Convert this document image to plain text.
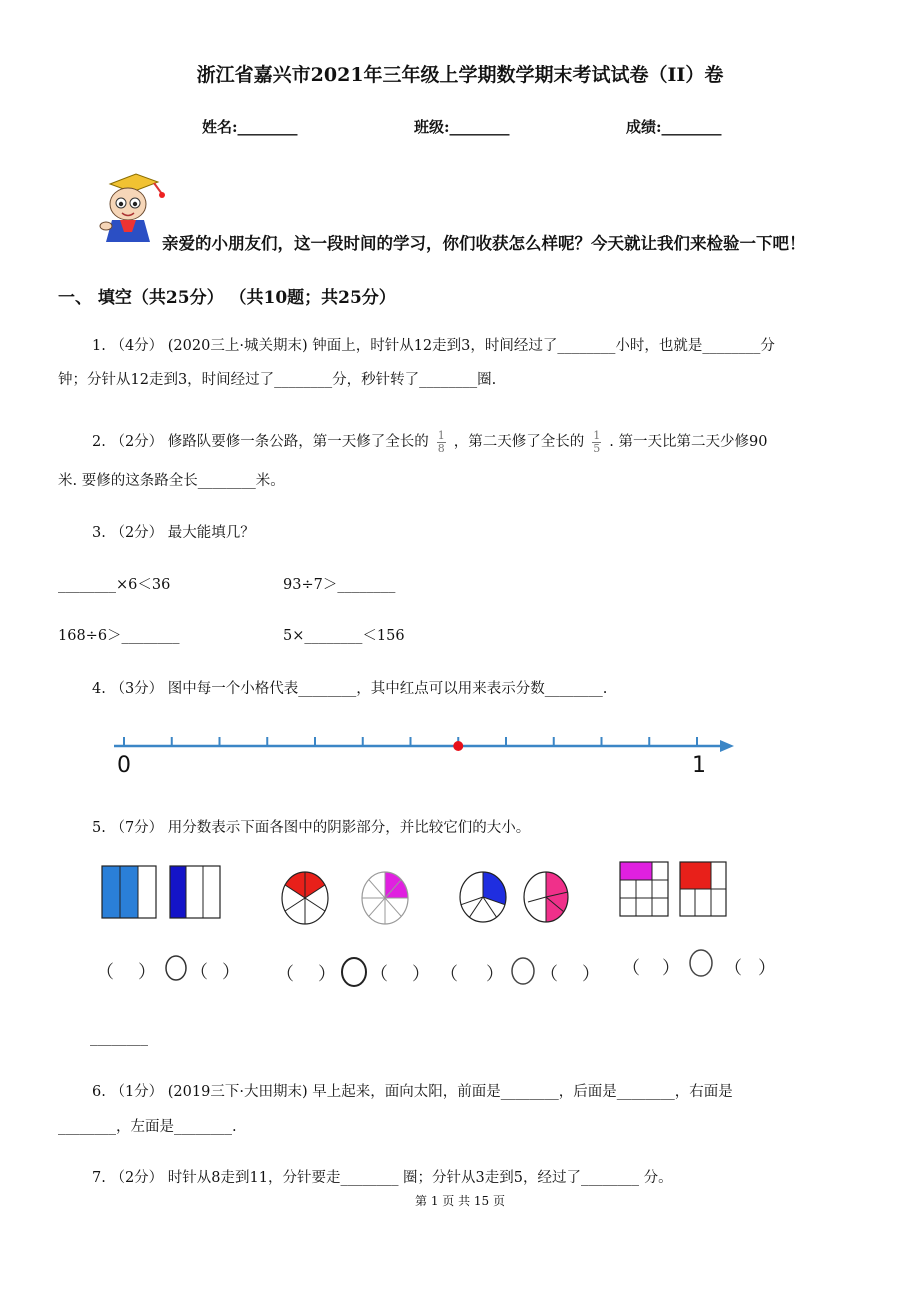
浙江省嘉兴市2021年三年级上学期数学期末考试试卷（II）卷
姓名:________	班级:________	成绩:________
亲爱的小朋友们，这一段时间的学习，你们收获怎么样呢？今天就让我们来检验一下吧！
一、 填空（共25分） （共10题；共25分）
1. （4分） (2020三上·城关期末) 钟面上，时针从12走到3，时间经过了________小时，也就是________分
钟；分针从12走到3，时间经过了________分，秒针转了________圈.
2. （2分） 修路队要修一条公路，第一天修了全长的 $\frac{1}{8}$ ，第二天修了全长的 $\frac{1}{5}$ . 第一天比第二天少修90
米. 要修的这条路全长________米。
3. （2分） 最大能填几？
________×6＜36	93÷7＞________
168÷6＞________	5×________＜156
4. （3分） 图中每一个小格代表________，其中红点可以用来表示分数________.
0	1
5. （7分） 用分数表示下面各图中的阴影部分，并比较它们的大小。
（ ） （ ） （ ） （ ） （ ） （ ） （ ） （ ）
________
6. （1分） (2019三下·大田期末) 早上起来，面向太阳，前面是________，后面是________，右面是
________，左面是________.
7. （2分） 时针从8走到11，分针要走________ 圈；分针从3走到5，经过了________ 分。
第 1 页 共 15 页
